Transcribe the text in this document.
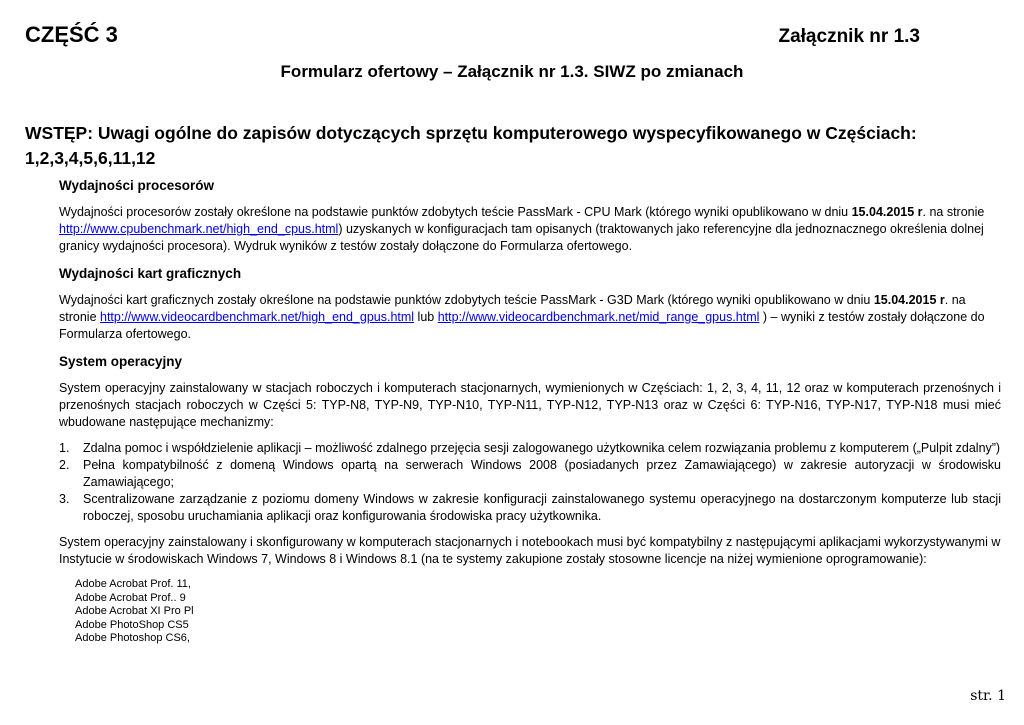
CZĘŚĆ 3	Załącznik nr 1.3
Formularz ofertowy – Załącznik nr 1.3. SIWZ po zmianach
WSTĘP: Uwagi ogólne do zapisów dotyczących sprzętu komputerowego wyspecyfikowanego w Częściach: 1,2,3,4,5,6,11,12
Wydajności procesorów
Wydajności procesorów zostały określone na podstawie punktów zdobytych teście PassMark - CPU Mark (którego wyniki opublikowano w dniu 15.04.2015 r. na stronie http://www.cpubenchmark.net/high_end_cpus.html) uzyskanych w konfiguracjach tam opisanych (traktowanych jako referencyjne dla jednoznacznego określenia dolnej granicy wydajności procesora). Wydruk wyników z testów zostały dołączone do Formularza ofertowego.
Wydajności kart graficznych
Wydajności kart graficznych zostały określone na podstawie punktów zdobytych teście PassMark - G3D Mark (którego wyniki opublikowano w dniu 15.04.2015 r. na stronie http://www.videocardbenchmark.net/high_end_gpus.html lub http://www.videocardbenchmark.net/mid_range_gpus.html ) – wyniki z testów zostały dołączone do Formularza ofertowego.
System operacyjny
System operacyjny zainstalowany w stacjach roboczych i komputerach stacjonarnych, wymienionych w Częściach: 1, 2, 3, 4, 11, 12 oraz w komputerach przenośnych i przenośnych stacjach roboczych w Części 5: TYP-N8, TYP-N9, TYP-N10, TYP-N11, TYP-N12, TYP-N13 oraz w Części 6: TYP-N16, TYP-N17, TYP-N18 musi mieć wbudowane następujące mechanizmy:
1. Zdalna pomoc i współdzielenie aplikacji – możliwość zdalnego przejęcia sesji zalogowanego użytkownika celem rozwiązania problemu z komputerem („Pulpit zdalny”)
2. Pełna kompatybilność z domeną Windows opartą na serwerach Windows 2008 (posiadanych przez Zamawiającego) w zakresie autoryzacji w środowisku Zamawiającego;
3. Scentralizowane zarządzanie z poziomu domeny Windows w zakresie konfiguracji zainstalowanego systemu operacyjnego na dostarczonym komputerze lub stacji roboczej, sposobu uruchamiania aplikacji oraz konfigurowania środowiska pracy użytkownika.
System operacyjny zainstalowany i skonfigurowany w komputerach stacjonarnych i notebookach musi być kompatybilny z następującymi aplikacjami wykorzystywanymi w Instytucie w środowiskach Windows 7, Windows 8 i Windows 8.1 (na te systemy zakupione zostały stosowne licencje na niżej wymienione oprogramowanie):
Adobe Acrobat Prof. 11,
Adobe Acrobat Prof.. 9
Adobe Acrobat XI Pro Pl
Adobe PhotoShop CS5
Adobe Photoshop CS6,
str. 1
